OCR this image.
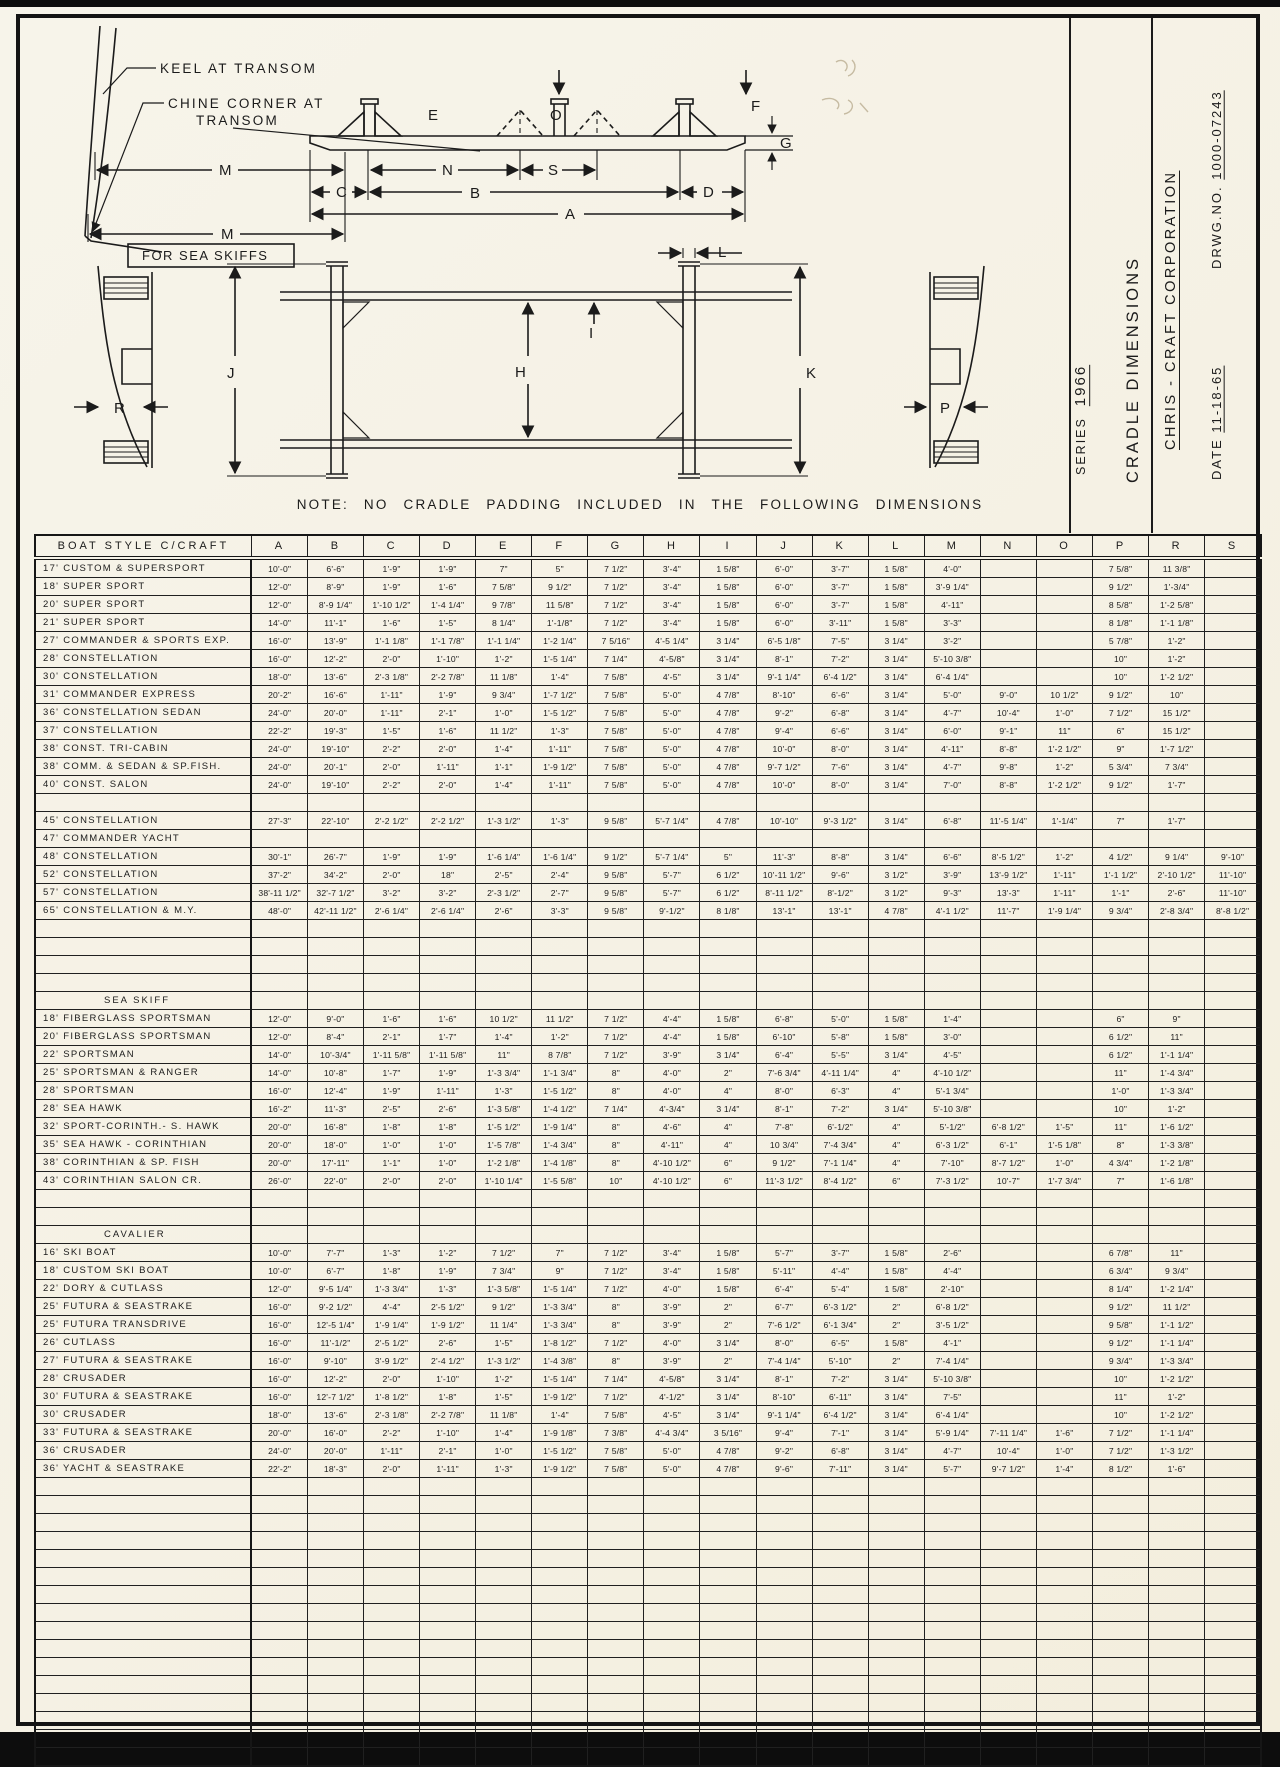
KEEL AT TRANSOM
CHINE CORNER AT
TRANSOM	E	O
F
G
M	N	S
C	B	D
A
M
FOR SEA SKIFFS
R	P
J	H
I
K
L
SERIES  1966 CRADLE DIMENSIONS CHRIS - CRAFT CORPORATION DRWG.NO. 1000-07243
DATE 11-18-65
NOTE: NO CRADLE PADDING INCLUDED IN THE FOLLOWING DIMENSIONS
BOAT STYLE C/CRAFT	A	B	C	D	E	F	G	H	I	J	K	L	M	N	O	P	R	S
17' CUSTOM & SUPERSPORT	10'-0"	6'-6"	1'-9"	1'-9"	7"	5"	7 1/2"	3'-4"	1 5/8"	6'-0"	3'-7"	1 5/8"	4'-0"			7 5/8"	11 3/8"	
18' SUPER SPORT	12'-0"	8'-9"	1'-9"	1'-6"	7 5/8"	9 1/2"	7 1/2"	3'-4"	1 5/8"	6'-0"	3'-7"	1 5/8"	3'-9 1/4"			9 1/2"	1'-3/4"	
20' SUPER SPORT	12'-0"	8'-9 1/4"	1'-10 1/2"	1'-4 1/4"	9 7/8"	11 5/8"	7 1/2"	3'-4"	1 5/8"	6'-0"	3'-7"	1 5/8"	4'-11"			8 5/8"	1'-2 5/8"	
21' SUPER SPORT	14'-0"	11'-1"	1'-6"	1'-5"	8 1/4"	1'-1/8"	7 1/2"	3'-4"	1 5/8"	6'-0"	3'-11"	1 5/8"	3'-3"			8 1/8"	1'-1 1/8"	
27' COMMANDER & SPORTS EXP.	16'-0"	13'-9"	1'-1 1/8"	1'-1 7/8"	1'-1 1/4"	1'-2 1/4"	7 5/16"	4'-5 1/4"	3 1/4"	6'-5 1/8"	7'-5"	3 1/4"	3'-2"			5 7/8"	1'-2"	
28' CONSTELLATION	16'-0"	12'-2"	2'-0"	1'-10"	1'-2"	1'-5 1/4"	7 1/4"	4'-5/8"	3 1/4"	8'-1"	7'-2"	3 1/4"	5'-10 3/8"			10"	1'-2"	
30' CONSTELLATION	18'-0"	13'-6"	2'-3 1/8"	2'-2 7/8"	11 1/8"	1'-4"	7 5/8"	4'-5"	3 1/4"	9'-1 1/4"	6'-4 1/2"	3 1/4"	6'-4 1/4"			10"	1'-2 1/2"	
31' COMMANDER EXPRESS	20'-2"	16'-6"	1'-11"	1'-9"	9 3/4"	1'-7 1/2"	7 5/8"	5'-0"	4 7/8"	8'-10"	6'-6"	3 1/4"	5'-0"	9'-0"	10 1/2"	9 1/2"	10"	
36' CONSTELLATION SEDAN	24'-0"	20'-0"	1'-11"	2'-1"	1'-0"	1'-5 1/2"	7 5/8"	5'-0"	4 7/8"	9'-2"	6'-8"	3 1/4"	4'-7"	10'-4"	1'-0"	7 1/2"	15 1/2"	
37' CONSTELLATION	22'-2"	19'-3"	1'-5"	1'-6"	11 1/2"	1'-3"	7 5/8"	5'-0"	4 7/8"	9'-4"	6'-6"	3 1/4"	6'-0"	9'-1"	11"	6"	15 1/2"	
38' CONST. TRI-CABIN	24'-0"	19'-10"	2'-2"	2'-0"	1'-4"	1'-11"	7 5/8"	5'-0"	4 7/8"	10'-0"	8'-0"	3 1/4"	4'-11"	8'-8"	1'-2 1/2"	9"	1'-7 1/2"	
38' COMM. & SEDAN & SP.FISH.	24'-0"	20'-1"	2'-0"	1'-11"	1'-1"	1'-9 1/2"	7 5/8"	5'-0"	4 7/8"	9'-7 1/2"	7'-6"	3 1/4"	4'-7"	9'-8"	1'-2"	5 3/4"	7 3/4"	
40' CONST. SALON	24'-0"	19'-10"	2'-2"	2'-0"	1'-4"	1'-11"	7 5/8"	5'-0"	4 7/8"	10'-0"	8'-0"	3 1/4"	7'-0"	8'-8"	1'-2 1/2"	9 1/2"	1'-7"	

45' CONSTELLATION	27'-3"	22'-10"	2'-2 1/2"	2'-2 1/2"	1'-3 1/2"	1'-3"	9 5/8"	5'-7 1/4"	4 7/8"	10'-10"	9'-3 1/2"	3 1/4"	6'-8"	11'-5 1/4"	1'-1/4"	7"	1'-7"	
47' COMMANDER YACHT																		
48' CONSTELLATION	30'-1"	26'-7"	1'-9"	1'-9"	1'-6 1/4"	1'-6 1/4"	9 1/2"	5'-7 1/4"	5"	11'-3"	8'-8"	3 1/4"	6'-6"	8'-5 1/2"	1'-2"	4 1/2"	9 1/4"	9'-10"
52' CONSTELLATION	37'-2"	34'-2"	2'-0"	18"	2'-5"	2'-4"	9 5/8"	5'-7"	6 1/2"	10'-11 1/2"	9'-6"	3 1/2"	3'-9"	13'-9 1/2"	1'-11"	1'-1 1/2"	2'-10 1/2"	11'-10"
57' CONSTELLATION	38'-11 1/2"	32'-7 1/2"	3'-2"	3'-2"	2'-3 1/2"	2'-7"	9 5/8"	5'-7"	6 1/2"	8'-11 1/2"	8'-1/2"	3 1/2"	9'-3"	13'-3"	1'-11"	1'-1"	2'-6"	11'-10"
65' CONSTELLATION & M.Y.	48'-0"	42'-11 1/2"	2'-6 1/4"	2'-6 1/4"	2'-6"	3'-3"	9 5/8"	9'-1/2"	8 1/8"	13'-1"	13'-1"	4 7/8"	4'-1 1/2"	11'-7"	1'-9 1/4"	9 3/4"	2'-8 3/4"	8'-8 1/2"

SEA SKIFF																		
18' FIBERGLASS SPORTSMAN	12'-0"	9'-0"	1'-6"	1'-6"	10 1/2"	11 1/2"	7 1/2"	4'-4"	1 5/8"	6'-8"	5'-0"	1 5/8"	1'-4"			6"	9"	
20' FIBERGLASS SPORTSMAN	12'-0"	8'-4"	2'-1"	1'-7"	1'-4"	1'-2"	7 1/2"	4'-4"	1 5/8"	6'-10"	5'-8"	1 5/8"	3'-0"			6 1/2"	11"	
22' SPORTSMAN	14'-0"	10'-3/4"	1'-11 5/8"	1'-11 5/8"	11"	8 7/8"	7 1/2"	3'-9"	3 1/4"	6'-4"	5'-5"	3 1/4"	4'-5"			6 1/2"	1'-1 1/4"	
25' SPORTSMAN & RANGER	14'-0"	10'-8"	1'-7"	1'-9"	1'-3 3/4"	1'-1 3/4"	8"	4'-0"	2"	7'-6 3/4"	4'-11 1/4"	4"	4'-10 1/2"			11"	1'-4 3/4"	
28' SPORTSMAN	16'-0"	12'-4"	1'-9"	1'-11"	1'-3"	1'-5 1/2"	8"	4'-0"	4"	8'-0"	6'-3"	4"	5'-1 3/4"			1'-0"	1'-3 3/4"	
28' SEA HAWK	16'-2"	11'-3"	2'-5"	2'-6"	1'-3 5/8"	1'-4 1/2"	7 1/4"	4'-3/4"	3 1/4"	8'-1"	7'-2"	3 1/4"	5'-10 3/8"			10"	1'-2"	
32' SPORT-CORINTH.- S. HAWK	20'-0"	16'-8"	1'-8"	1'-8"	1'-5 1/2"	1'-9 1/4"	8"	4'-6"	4"	7'-8"	6'-1/2"	4"	5'-1/2"	6'-8 1/2"	1'-5"	11"	1'-6 1/2"	
35' SEA HAWK - CORINTHIAN	20'-0"	18'-0"	1'-0"	1'-0"	1'-5 7/8"	1'-4 3/4"	8"	4'-11"	4"	10 3/4"	7'-4 3/4"	4"	6'-3 1/2"	6'-1"	1'-5 1/8"	8"	1'-3 3/8"	
38' CORINTHIAN & SP. FISH	20'-0"	17'-11"	1'-1"	1'-0"	1'-2 1/8"	1'-4 1/8"	8"	4'-10 1/2"	6"	9 1/2"	7'-1 1/4"	4"	7'-10"	8'-7 1/2"	1'-0"	4 3/4"	1'-2 1/8"	
43' CORINTHIAN SALON CR.	26'-0"	22'-0"	2'-0"	2'-0"	1'-10 1/4"	1'-5 5/8"	10"	4'-10 1/2"	6"	11'-3 1/2"	8'-4 1/2"	6"	7'-3 1/2"	10'-7"	1'-7 3/4"	7"	1'-6 1/8"	

CAVALIER																		
16' SKI BOAT	10'-0"	7'-7"	1'-3"	1'-2"	7 1/2"	7"	7 1/2"	3'-4"	1 5/8"	5'-7"	3'-7"	1 5/8"	2'-6"			6 7/8"	11"	
18' CUSTOM SKI BOAT	10'-0"	6'-7"	1'-8"	1'-9"	7 3/4"	9"	7 1/2"	3'-4"	1 5/8"	5'-11"	4'-4"	1 5/8"	4'-4"			6 3/4"	9 3/4"	
22' DORY & CUTLASS	12'-0"	9'-5 1/4"	1'-3 3/4"	1'-3"	1'-3 5/8"	1'-5 1/4"	7 1/2"	4'-0"	1 5/8"	6'-4"	5'-4"	1 5/8"	2'-10"			8 1/4"	1'-2 1/4"	
25' FUTURA & SEASTRAKE	16'-0"	9'-2 1/2"	4'-4"	2'-5 1/2"	9 1/2"	1'-3 3/4"	8"	3'-9"	2"	6'-7"	6'-3 1/2"	2"	6'-8 1/2"			9 1/2"	11 1/2"	
25' FUTURA TRANSDRIVE	16'-0"	12'-5 1/4"	1'-9 1/4"	1'-9 1/2"	11 1/4"	1'-3 3/4"	8"	3'-9"	2"	7'-6 1/2"	6'-1 3/4"	2"	3'-5 1/2"			9 5/8"	1'-1 1/2"	
26' CUTLASS	16'-0"	11'-1/2"	2'-5 1/2"	2'-6"	1'-5"	1'-8 1/2"	7 1/2"	4'-0"	3 1/4"	8'-0"	6'-5"	1 5/8"	4'-1"			9 1/2"	1'-1 1/4"	
27' FUTURA & SEASTRAKE	16'-0"	9'-10"	3'-9 1/2"	2'-4 1/2"	1'-3 1/2"	1'-4 3/8"	8"	3'-9"	2"	7'-4 1/4"	5'-10"	2"	7'-4 1/4"			9 3/4"	1'-3 3/4"	
28' CRUSADER	16'-0"	12'-2"	2'-0"	1'-10"	1'-2"	1'-5 1/4"	7 1/4"	4'-5/8"	3 1/4"	8'-1"	7'-2"	3 1/4"	5'-10 3/8"			10"	1'-2 1/2"	
30' FUTURA & SEASTRAKE	16'-0"	12'-7 1/2"	1'-8 1/2"	1'-8"	1'-5"	1'-9 1/2"	7 1/2"	4'-1/2"	3 1/4"	8'-10"	6'-11"	3 1/4"	7'-5"			11"	1'-2"	
30' CRUSADER	18'-0"	13'-6"	2'-3 1/8"	2'-2 7/8"	11 1/8"	1'-4"	7 5/8"	4'-5"	3 1/4"	9'-1 1/4"	6'-4 1/2"	3 1/4"	6'-4 1/4"			10"	1'-2 1/2"	
33' FUTURA & SEASTRAKE	20'-0"	16'-0"	2'-2"	1'-10"	1'-4"	1'-9 1/8"	7 3/8"	4'-4 3/4"	3 5/16"	9'-4"	7'-1"	3 1/4"	5'-9 1/4"	7'-11 1/4"	1'-6"	7 1/2"	1'-1 1/4"	
36' CRUSADER	24'-0"	20'-0"	1'-11"	2'-1"	1'-0"	1'-5 1/2"	7 5/8"	5'-0"	4 7/8"	9'-2"	6'-8"	3 1/4"	4'-7"	10'-4"	1'-0"	7 1/2"	1'-3 1/2"	
36' YACHT & SEASTRAKE	22'-2"	18'-3"	2'-0"	1'-11"	1'-3"	1'-9 1/2"	7 5/8"	5'-0"	4 7/8"	9'-6"	7'-11"	3 1/4"	5'-7"	9'-7 1/2"	1'-4"	8 1/2"	1'-6"	
